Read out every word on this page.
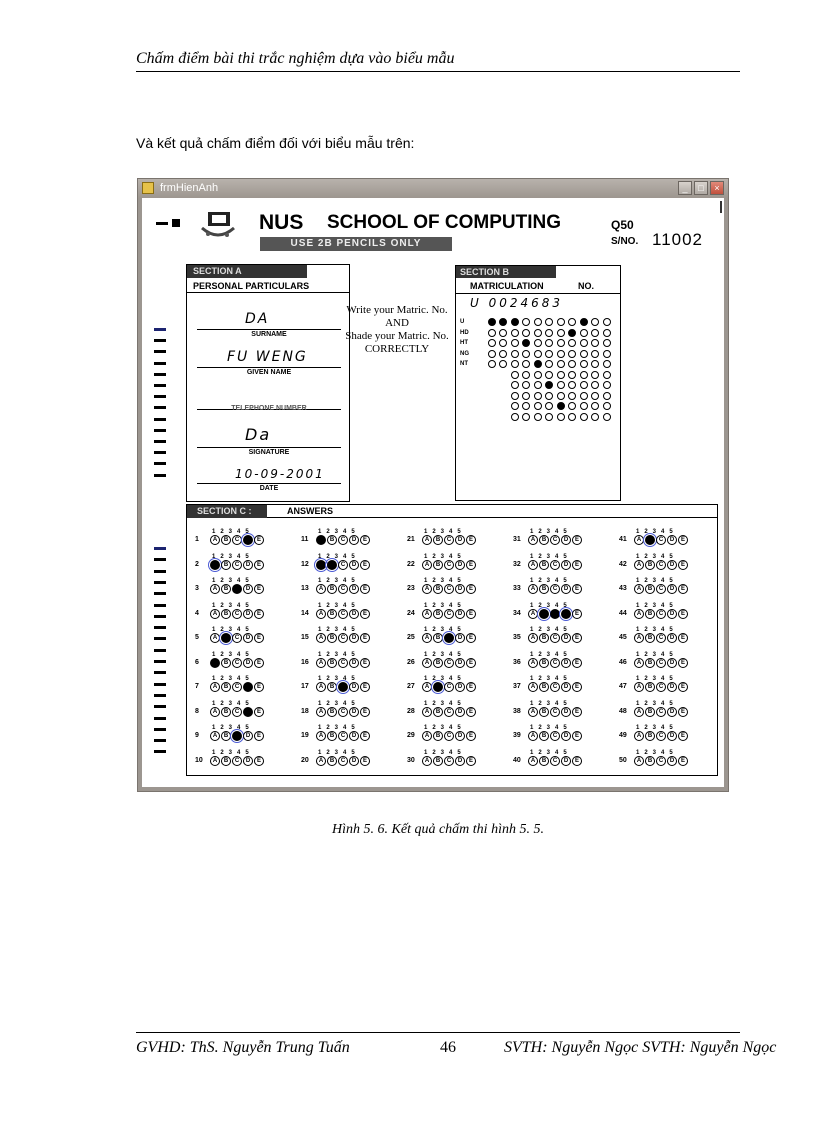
Chấm điểm bài thi trắc nghiệm dựa vào biểu mẫu
Và kết quả chấm điểm đối với biểu mẫu trên:
frmHienAnh	_	□	×
NUS SCHOOL OF COMPUTING
USE 2B PENCILS ONLY
Q50
S/NO. 11002
SECTION A
PERSONAL PARTICULARS
DA
SURNAME
FU WENG
GIVEN NAME
TELEPHONE NUMBER
Da
SIGNATURE
10-09-2001
DATE
Write your Matric. No.
AND
Shade your Matric. No.
CORRECTLY
SECTION B
MATRICULATION	NO.
U 0024683
U
HD
HT
NG
NT
SECTION C :	ANSWERS
1
12345
A	B	C	D	E
2
12345
A	B	C	D	E
3
12345
A	B	C	D	E
4
12345
A	B	C	D	E
5
12345
A	B	C	D	E
6
12345
A	B	C	D	E
7
12345
A	B	C	D	E
8
12345
A	B	C	D	E
9
12345
A	B	C	D	E
10
12345
A	B	C	D	E
11
12345
A	B	C	D	E
12
12345
A	B	C	D	E
13
12345
A	B	C	D	E
14
12345
A	B	C	D	E
15
12345
A	B	C	D	E
16
12345
A	B	C	D	E
17
12345
A	B	C	D	E
18
12345
A	B	C	D	E
19
12345
A	B	C	D	E
20
12345
A	B	C	D	E
21
12345
A	B	C	D	E
22
12345
A	B	C	D	E
23
12345
A	B	C	D	E
24
12345
A	B	C	D	E
25
12345
A	B	C	D	E
26
12345
A	B	C	D	E
27
12345
A	B	C	D	E
28
12345
A	B	C	D	E
29
12345
A	B	C	D	E
30
12345
A	B	C	D	E
31
12345
A	B	C	D	E
32
12345
A	B	C	D	E
33
12345
A	B	C	D	E
34
12345
A	B	C	D	E
35
12345
A	B	C	D	E
36
12345
A	B	C	D	E
37
12345
A	B	C	D	E
38
12345
A	B	C	D	E
39
12345
A	B	C	D	E
40
12345
A	B	C	D	E
41
12345
A	B	C	D	E
42
12345
A	B	C	D	E
43
12345
A	B	C	D	E
44
12345
A	B	C	D	E
45
12345
A	B	C	D	E
46
12345
A	B	C	D	E
47
12345
A	B	C	D	E
48
12345
A	B	C	D	E
49
12345
A	B	C	D	E
50
12345
A	B	C	D	E
Hình 5. 6. Kết quả chấm thi hình 5. 5.
GVHD: ThS. Nguyễn Trung Tuấn	46	SVTH: Nguyễn Ngọc SVTH: Nguyễn Ngọc
